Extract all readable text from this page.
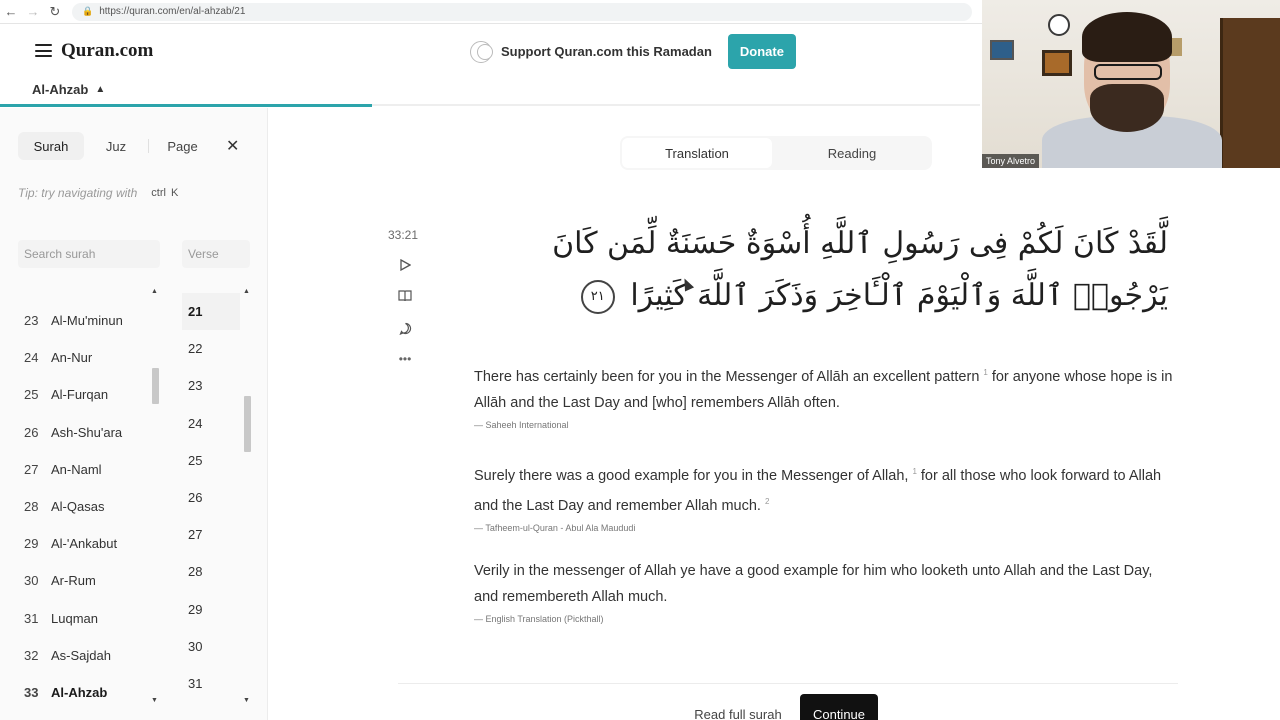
← → ↻	🔒 https://quran.com/en/al-ahzab/21
Quran.com	Support Quran.com this Ramadan	Donate
Al-Ahzab ▲
Surah	Juz	Page	✕
Tip: try navigating with ctrl K
Search surah	Verse
23 Al-Mu'minun
24 An-Nur
25 Al-Furqan
26 Ash-Shu'ara
27 An-Naml
28 Al-Qasas
29 Al-'Ankabut
30 Ar-Rum
31 Luqman
32 As-Sajdah
33 Al-Ahzab
▲
▼
21
22
23
24
25
26
27
28
29
30
31
▲
▼
Translation	Reading
33:21
•••
لَّقَدْ كَانَ لَكُمْ فِى رَسُولِ ٱللَّهِ أُسْوَةٌ حَسَنَةٌ لِّمَن كَانَ يَرْجُوا۟ ٱللَّهَ وَٱلْيَوْمَ ٱلْـَٔاخِرَ وَذَكَرَ ٱللَّهَ كَثِيرًا ٢١

There has certainly been for you in the Messenger of Allāh an excellent pattern $^1$ for anyone whose hope is in Allāh and the Last Day and [who] remembers Allāh often.

— Saheeh International

Surely there was a good example for you in the Messenger of Allah, $^1$ for all those who look forward to Allah and the Last Day and remember Allah much. $^2$

— Tafheem-ul-Quran - Abul Ala Maududi

Verily in the messenger of Allah ye have a good example for him who looketh unto Allah and the Last Day, and remembereth Allah much.

— English Translation (Pickthall)
Read full surah	Continue
Tony Alvetro
